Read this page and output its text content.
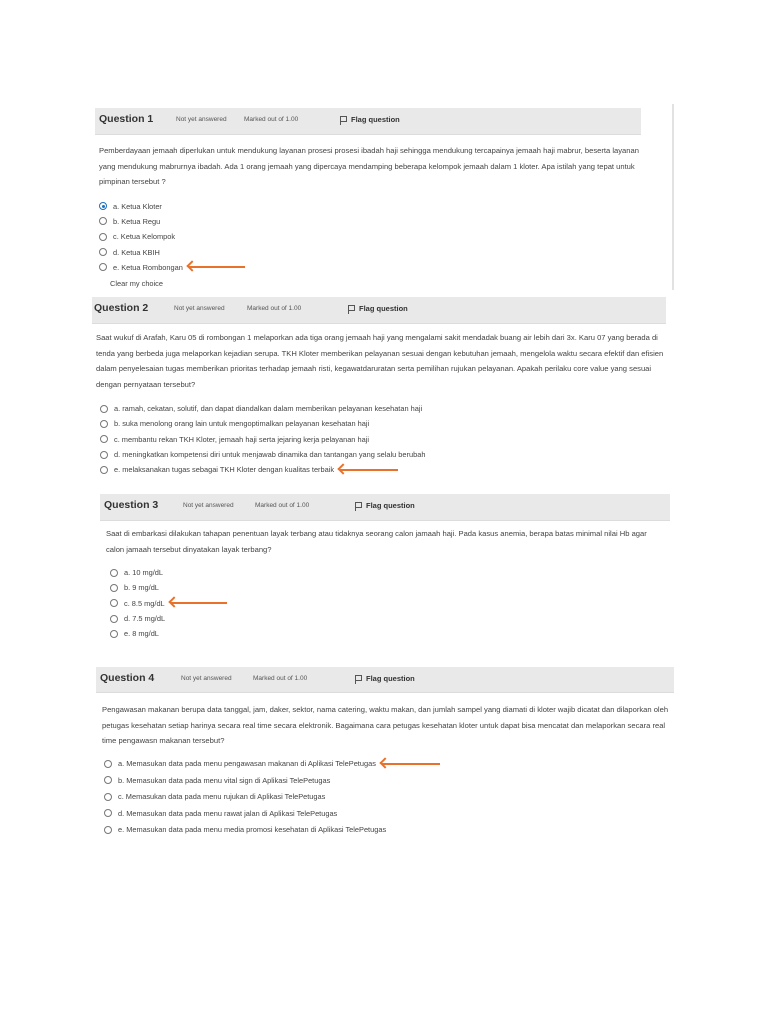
Question 1	Not yet answered	Marked out of 1.00	Flag question
Pemberdayaan jemaah diperlukan untuk mendukung layanan prosesi prosesi ibadah haji sehingga mendukung tercapainya jemaah haji mabrur, beserta layanan yang mendukung mabrurnya ibadah. Ada 1 orang jemaah yang dipercaya mendamping beberapa kelompok jemaah dalam 1 kloter. Apa istilah yang tepat untuk pimpinan tersebut ?
a. Ketua Kloter
b. Ketua Regu
c. Ketua Kelompok
d. Ketua KBIH
e. Ketua Rombongan
Clear my choice
Question 2	Not yet answered	Marked out of 1.00	Flag question
Saat wukuf di Arafah, Karu 05 di rombongan 1 melaporkan ada tiga orang jemaah haji yang mengalami sakit mendadak buang air lebih dari 3x. Karu 07 yang berada di tenda yang berbeda juga melaporkan kejadian serupa. TKH Kloter memberikan pelayanan sesuai dengan kebutuhan jemaah, mengelola waktu secara efektif dan efisien dalam penyelesaian tugas memberikan prioritas terhadap jemaah risti, kegawatdaruratan serta pemilihan rujukan pelayanan. Apakah perilaku core value yang sesuai dengan pernyataan tersebut?
a. ramah, cekatan, solutif, dan dapat diandalkan dalam memberikan pelayanan kesehatan haji
b. suka menolong orang lain untuk mengoptimalkan pelayanan kesehatan haji
c. membantu rekan TKH Kloter, jemaah haji serta jejaring kerja pelayanan haji
d. meningkatkan kompetensi diri untuk menjawab dinamika dan tantangan yang selalu berubah
e. melaksanakan tugas sebagai TKH Kloter dengan kualitas terbaik
Question 3	Not yet answered	Marked out of 1.00	Flag question
Saat di embarkasi dilakukan tahapan penentuan layak terbang atau tidaknya seorang calon jamaah haji. Pada kasus anemia, berapa batas minimal nilai Hb agar calon jamaah tersebut dinyatakan layak terbang?
a. 10 mg/dL
b. 9 mg/dL
c. 8.5 mg/dL
d. 7.5 mg/dL
e. 8 mg/dL
Question 4	Not yet answered	Marked out of 1.00	Flag question
Pengawasan makanan berupa data tanggal, jam, daker, sektor, nama catering, waktu makan, dan jumlah sampel yang diamati di kloter wajib dicatat dan dilaporkan oleh petugas kesehatan setiap harinya secara real time secara elektronik. Bagaimana cara petugas kesehatan kloter untuk dapat bisa mencatat dan melaporkan secara real time pengawasn makanan tersebut?
a. Memasukan data pada menu pengawasan makanan di Aplikasi TelePetugas
b. Memasukan data pada menu vital sign di Aplikasi TelePetugas
c. Memasukan data pada menu rujukan di Aplikasi TelePetugas
d. Memasukan data pada menu rawat jalan di Aplikasi TelePetugas
e. Memasukan data pada menu media promosi kesehatan di Aplikasi TelePetugas
